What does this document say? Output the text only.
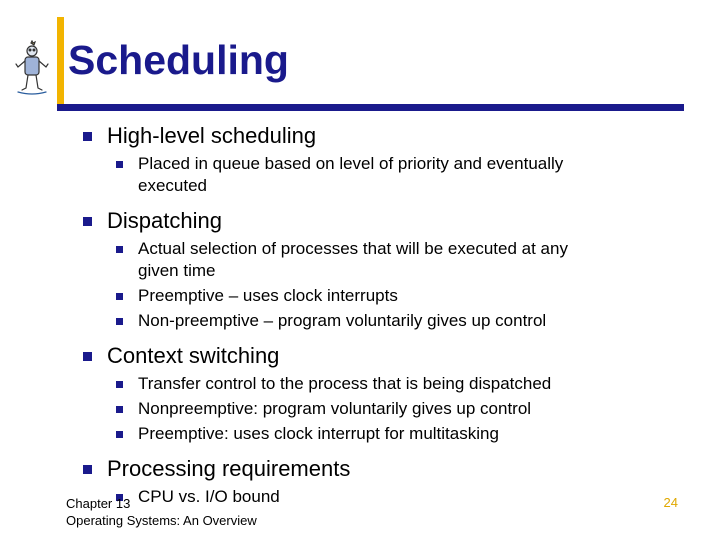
Scheduling
High-level scheduling
Placed in queue based on level of priority and eventually
executed
Dispatching
Actual selection of processes that will be executed at any
given time
Preemptive – uses clock interrupts
Non-preemptive – program voluntarily gives up control
Context switching
Transfer control to the process that is being dispatched
Nonpreemptive: program voluntarily gives up control
Preemptive: uses clock interrupt for multitasking
Processing requirements
CPU vs. I/O bound
Chapter 13
Operating Systems: An Overview
24
